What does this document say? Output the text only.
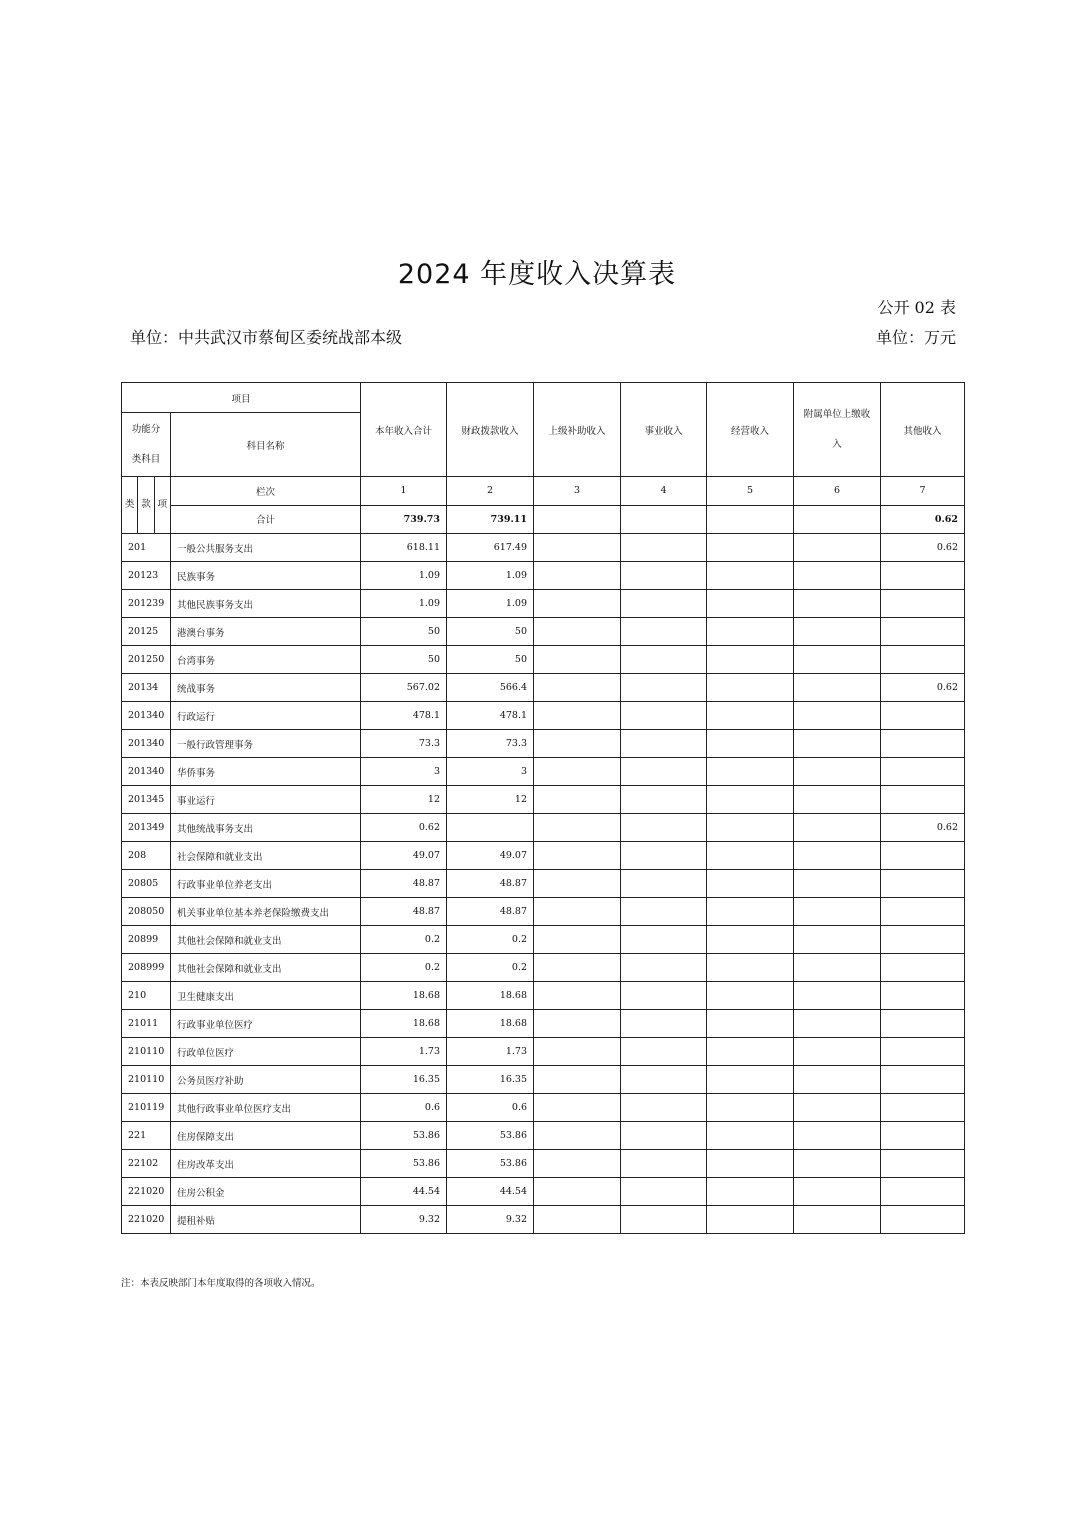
2024 年度收入决算表
公开 02 表
单位：中共武汉市蔡甸区委统战部本级	单位：万元
项目		本年收入合计	财政拨款收入	上级补助收入	事业收入	经营收入	附属单位上缴收入	其他收入
功能分类科目	科目名称							

类 款 项	栏次	1	2	3	4	5	6	7
	合计	739.73	739.11					0.62
201	一般公共服务支出	618.11	617.49					0.62
20123	民族事务	1.09	1.09					
201239	其他民族事务支出	1.09	1.09					
20125	港澳台事务	50	50					
201250	台湾事务	50	50					
20134	统战事务	567.02	566.4					0.62
201340	行政运行	478.1	478.1					
201340	一般行政管理事务	73.3	73.3					
201340	华侨事务	3	3					
201345	事业运行	12	12					
201349	其他统战事务支出	0.62						0.62
208	社会保障和就业支出	49.07	49.07					
20805	行政事业单位养老支出	48.87	48.87					
208050	机关事业单位基本养老保险缴费支出	48.87	48.87					
20899	其他社会保障和就业支出	0.2	0.2					
208999	其他社会保障和就业支出	0.2	0.2					
210	卫生健康支出	18.68	18.68					
21011	行政事业单位医疗	18.68	18.68					
210110	行政单位医疗	1.73	1.73					
210110	公务员医疗补助	16.35	16.35					
210119	其他行政事业单位医疗支出	0.6	0.6					
221	住房保障支出	53.86	53.86					
22102	住房改革支出	53.86	53.86					
221020	住房公积金	44.54	44.54					
221020	提租补贴	9.32	9.32					
注：本表反映部门本年度取得的各项收入情况。
